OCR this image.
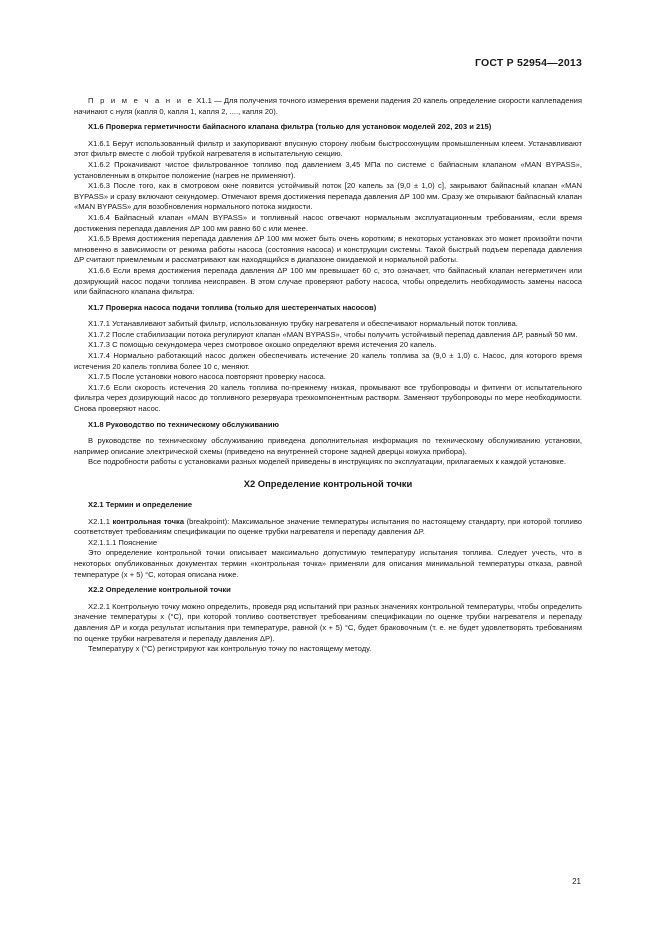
ГОСТ Р 52954—2013

П р и м е ч а н и е Х1.1 — Для получения точного измерения времени падения 20 капель определение скорости каплепадения начинают с нуля (капля 0, капля 1, капля 2, ...., капля 20).

Х1.6 Проверка герметичности байпасного клапана фильтра (только для установок моделей 202, 203 и 215)

Х1.6.1 Берут использованный фильтр и закупоривают впускную сторону любым быстросохнущим промышленным клеем. Устанавливают этот фильтр вместе с любой трубкой нагревателя в испытательную секцию.

Х1.6.2 Прокачивают чистое фильтрованное топливо под давлением 3,45 МПа по системе с байпасным клапаном «MAN BYPASS», установленным в открытое положение (нагрев не применяют).

Х1.6.3 После того, как в смотровом окне появится устойчивый поток [20 капель за (9,0 ± 1,0) с], закрывают байпасный клапан «MAN BYPASS» и сразу включают секундомер. Отмечают время достижения перепада давления ΔP 100 мм. Сразу же открывают байпасный клапан «MAN BYPASS» для возобновления нормального потока жидкости.

Х1.6.4 Байпасный клапан «MAN BYPASS» и топливный насос отвечают нормальным эксплуатационным требованиям, если время достижения перепада давления ΔP 100 мм равно 60 с или менее.

Х1.6.5 Время достижения перепада давления ΔP 100 мм может быть очень коротким; в некоторых установках это может произойти почти мгновенно в зависимости от режима работы насоса (состояния насоса) и конструкции системы. Такой быстрый подъем перепада давления ΔP считают приемлемым и рассматривают как находящийся в диапазоне ожидаемой и нормальной работы.

Х1.6.6 Если время достижения перепада давления ΔP 100 мм превышает 60 с, это означает, что байпасный клапан негерметичен или дозирующий насос подачи топлива неисправен. В этом случае проверяют работу насоса, чтобы определить необходимость замены насоса или байпасного клапана фильтра.

Х1.7 Проверка насоса подачи топлива (только для шестеренчатых насосов)

Х1.7.1 Устанавливают забитый фильтр, использованную трубку нагревателя и обеспечивают нормальный поток топлива.

Х1.7.2 После стабилизации потока регулируют клапан «MAN BYPASS», чтобы получить устойчивый перепад давления ΔP, равный 50 мм.

Х1.7.3 С помощью секундомера через смотровое окошко определяют время истечения 20 капель.

Х1.7.4 Нормально работающий насос должен обеспечивать истечение 20 капель топлива за (9,0 ± 1,0) с. Насос, для которого время истечения 20 капель топлива более 10 с, меняют.

Х1.7.5 После установки нового насоса повторяют проверку насоса.

Х1.7.6 Если скорость истечения 20 капель топлива по-прежнему низкая, промывают все трубопроводы и фитинги от испытательного фильтра через дозирующий насос до топливного резервуара трехкомпонентным растворм. Заменяют трубопроводы по мере необходимости. Снова проверяют насос.

Х1.8 Руководство по техническому обслуживанию

В руководстве по техническому обслуживанию приведена дополнительная информация по техническому обслуживанию установки, например описание электрической схемы (приведено на внутренней стороне задней дверцы кожуха прибора).

Все подробности работы с установками разных моделей приведены в инструкциях по эксплуатации, прилагаемых к каждой установке.

Х2 Определение контрольной точки

Х2.1 Термин и определение

Х2.1.1 контрольная точка (breakpoint): Максимальное значение температуры испытания по настоящему стандарту, при которой топливо соответствует требованиям спецификации по оценке трубки нагревателя и перепаду давления ΔP.

Х2.1.1.1 Пояснение

Это определение контрольной точки описывает максимально допустимую температуру испытания топлива. Следует учесть, что в некоторых опубликованных документах термин «контрольная точка» применяли для описания минимальной температуры отказа, равной температуре (x + 5) °С, которая описана ниже.

Х2.2 Определение контрольной точки

Х2.2.1 Контрольную точку можно определить, проведя ряд испытаний при разных значениях контрольной температуры, чтобы определить значение температуры x (°С), при которой топливо соответствует требованиям спецификации по оценке трубки нагревателя и перепаду давления ΔP и когда результат испытания при температуре, равной (x + 5) °С, будет браковочным (т. е. не будет удовлетворять требованиям по оценке трубки нагревателя и перепаду давления ΔP).

Температуру x (°С) регистрируют как контрольную точку по настоящему методу.

21
